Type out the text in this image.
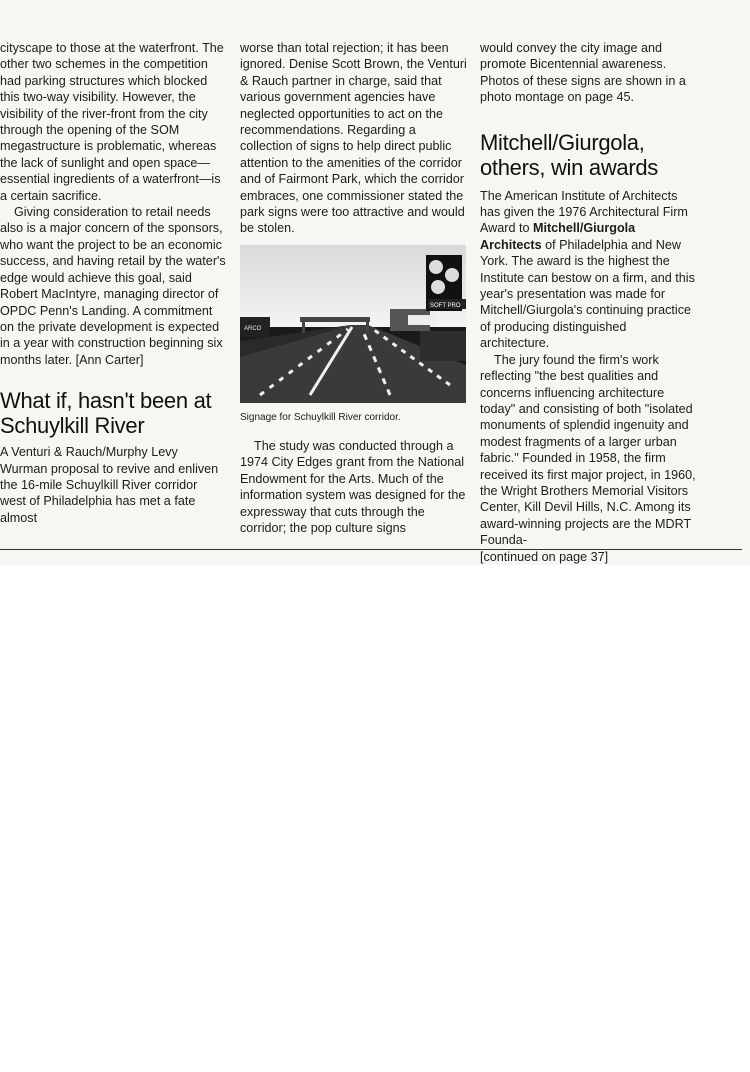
cityscape to those at the waterfront. The other two schemes in the competition had parking structures which blocked this two-way visibility. However, the visibility of the river-front from the city through the opening of the SOM megastructure is problematic, whereas the lack of sunlight and open space—essential ingredients of a waterfront—is a certain sacrifice.

Giving consideration to retail needs also is a major concern of the sponsors, who want the project to be an economic success, and having retail by the water's edge would achieve this goal, said Robert MacIntyre, managing director of OPDC Penn's Landing. A commitment on the private development is expected in a year with construction beginning six months later. [Ann Carter]

What if, hasn't been at Schuylkill River

A Venturi & Rauch/Murphy Levy Wurman proposal to revive and enliven the 16-mile Schuylkill River corridor west of Philadelphia has met a fate almost

worse than total rejection; it has been ignored. Denise Scott Brown, the Venturi & Rauch partner in charge, said that various government agencies have neglected opportunities to act on the recommendations. Regarding a collection of signs to help direct public attention to the amenities of the corridor and of Fairmont Park, which the corridor embraces, one commissioner stated the park signs were too attractive and would be stolen.

ARCO
SOFT PRO
Signage for Schuylkill River corridor.

The study was conducted through a 1974 City Edges grant from the National Endowment for the Arts. Much of the information system was designed for the expressway that cuts through the corridor; the pop culture signs

would convey the city image and promote Bicentennial awareness. Photos of these signs are shown in a photo montage on page 45.

Mitchell/Giurgola, others, win awards

The American Institute of Architects has given the 1976 Architectural Firm Award to Mitchell/Giurgola Architects of Philadelphia and New York. The award is the highest the Institute can bestow on a firm, and this year's presentation was made for Mitchell/Giurgola's continuing practice of producing distinguished architecture.

The jury found the firm's work reflecting "the best qualities and concerns influencing architecture today" and consisting of both "isolated monuments of splendid ingenuity and modest fragments of a larger urban fabric." Founded in 1958, the firm received its first major project, in 1960, the Wright Brothers Memorial Visitors Center, Kill Devil Hills, N.C. Among its award-winning projects are the MDRT Founda-

[continued on page 37]
